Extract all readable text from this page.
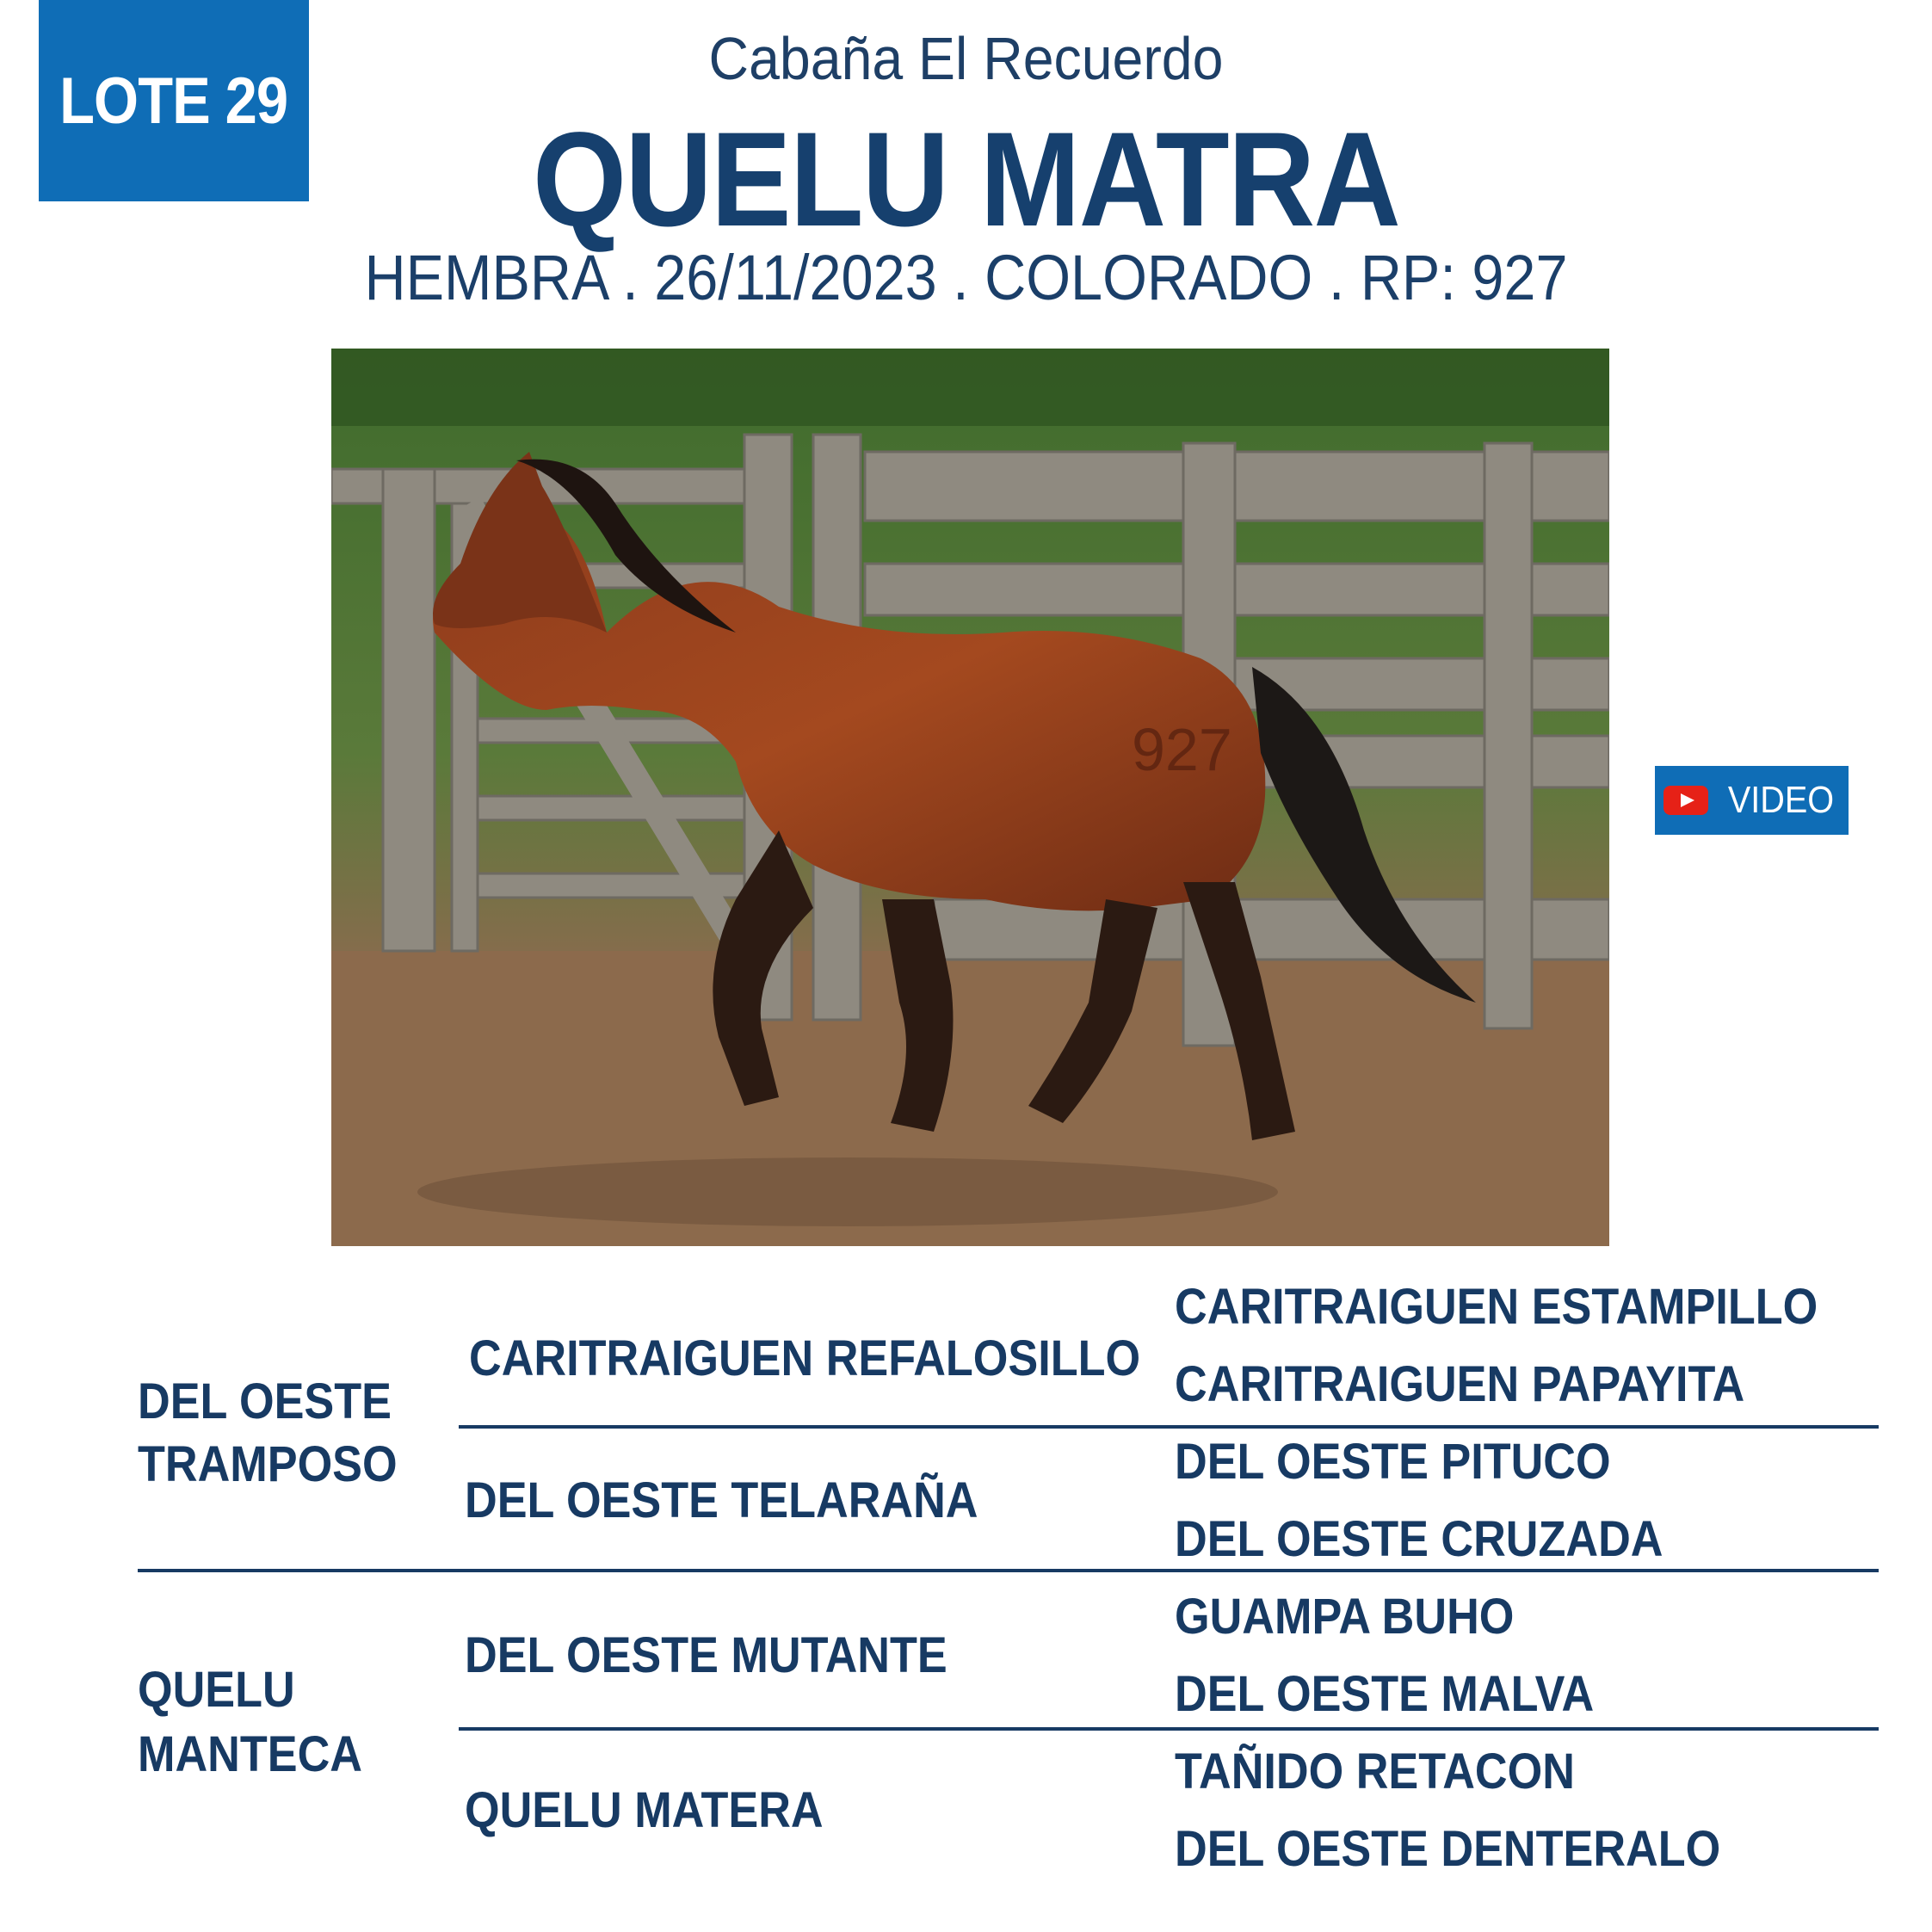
LOTE 29
Cabaña El Recuerdo
QUELU MATRA
HEMBRA . 26/11/2023 . COLORADO . RP: 927
927
VIDEO
DEL OESTE
TRAMPOSO
CARITRAIGUEN REFALOSILLO
CARITRAIGUEN ESTAMPILLO
CARITRAIGUEN PAPAYITA
DEL OESTE TELARAÑA
DEL OESTE PITUCO
DEL OESTE CRUZADA
QUELU
MANTECA
DEL OESTE MUTANTE
GUAMPA BUHO
DEL OESTE MALVA
QUELU MATERA
TAÑIDO RETACON
DEL OESTE DENTERALO
